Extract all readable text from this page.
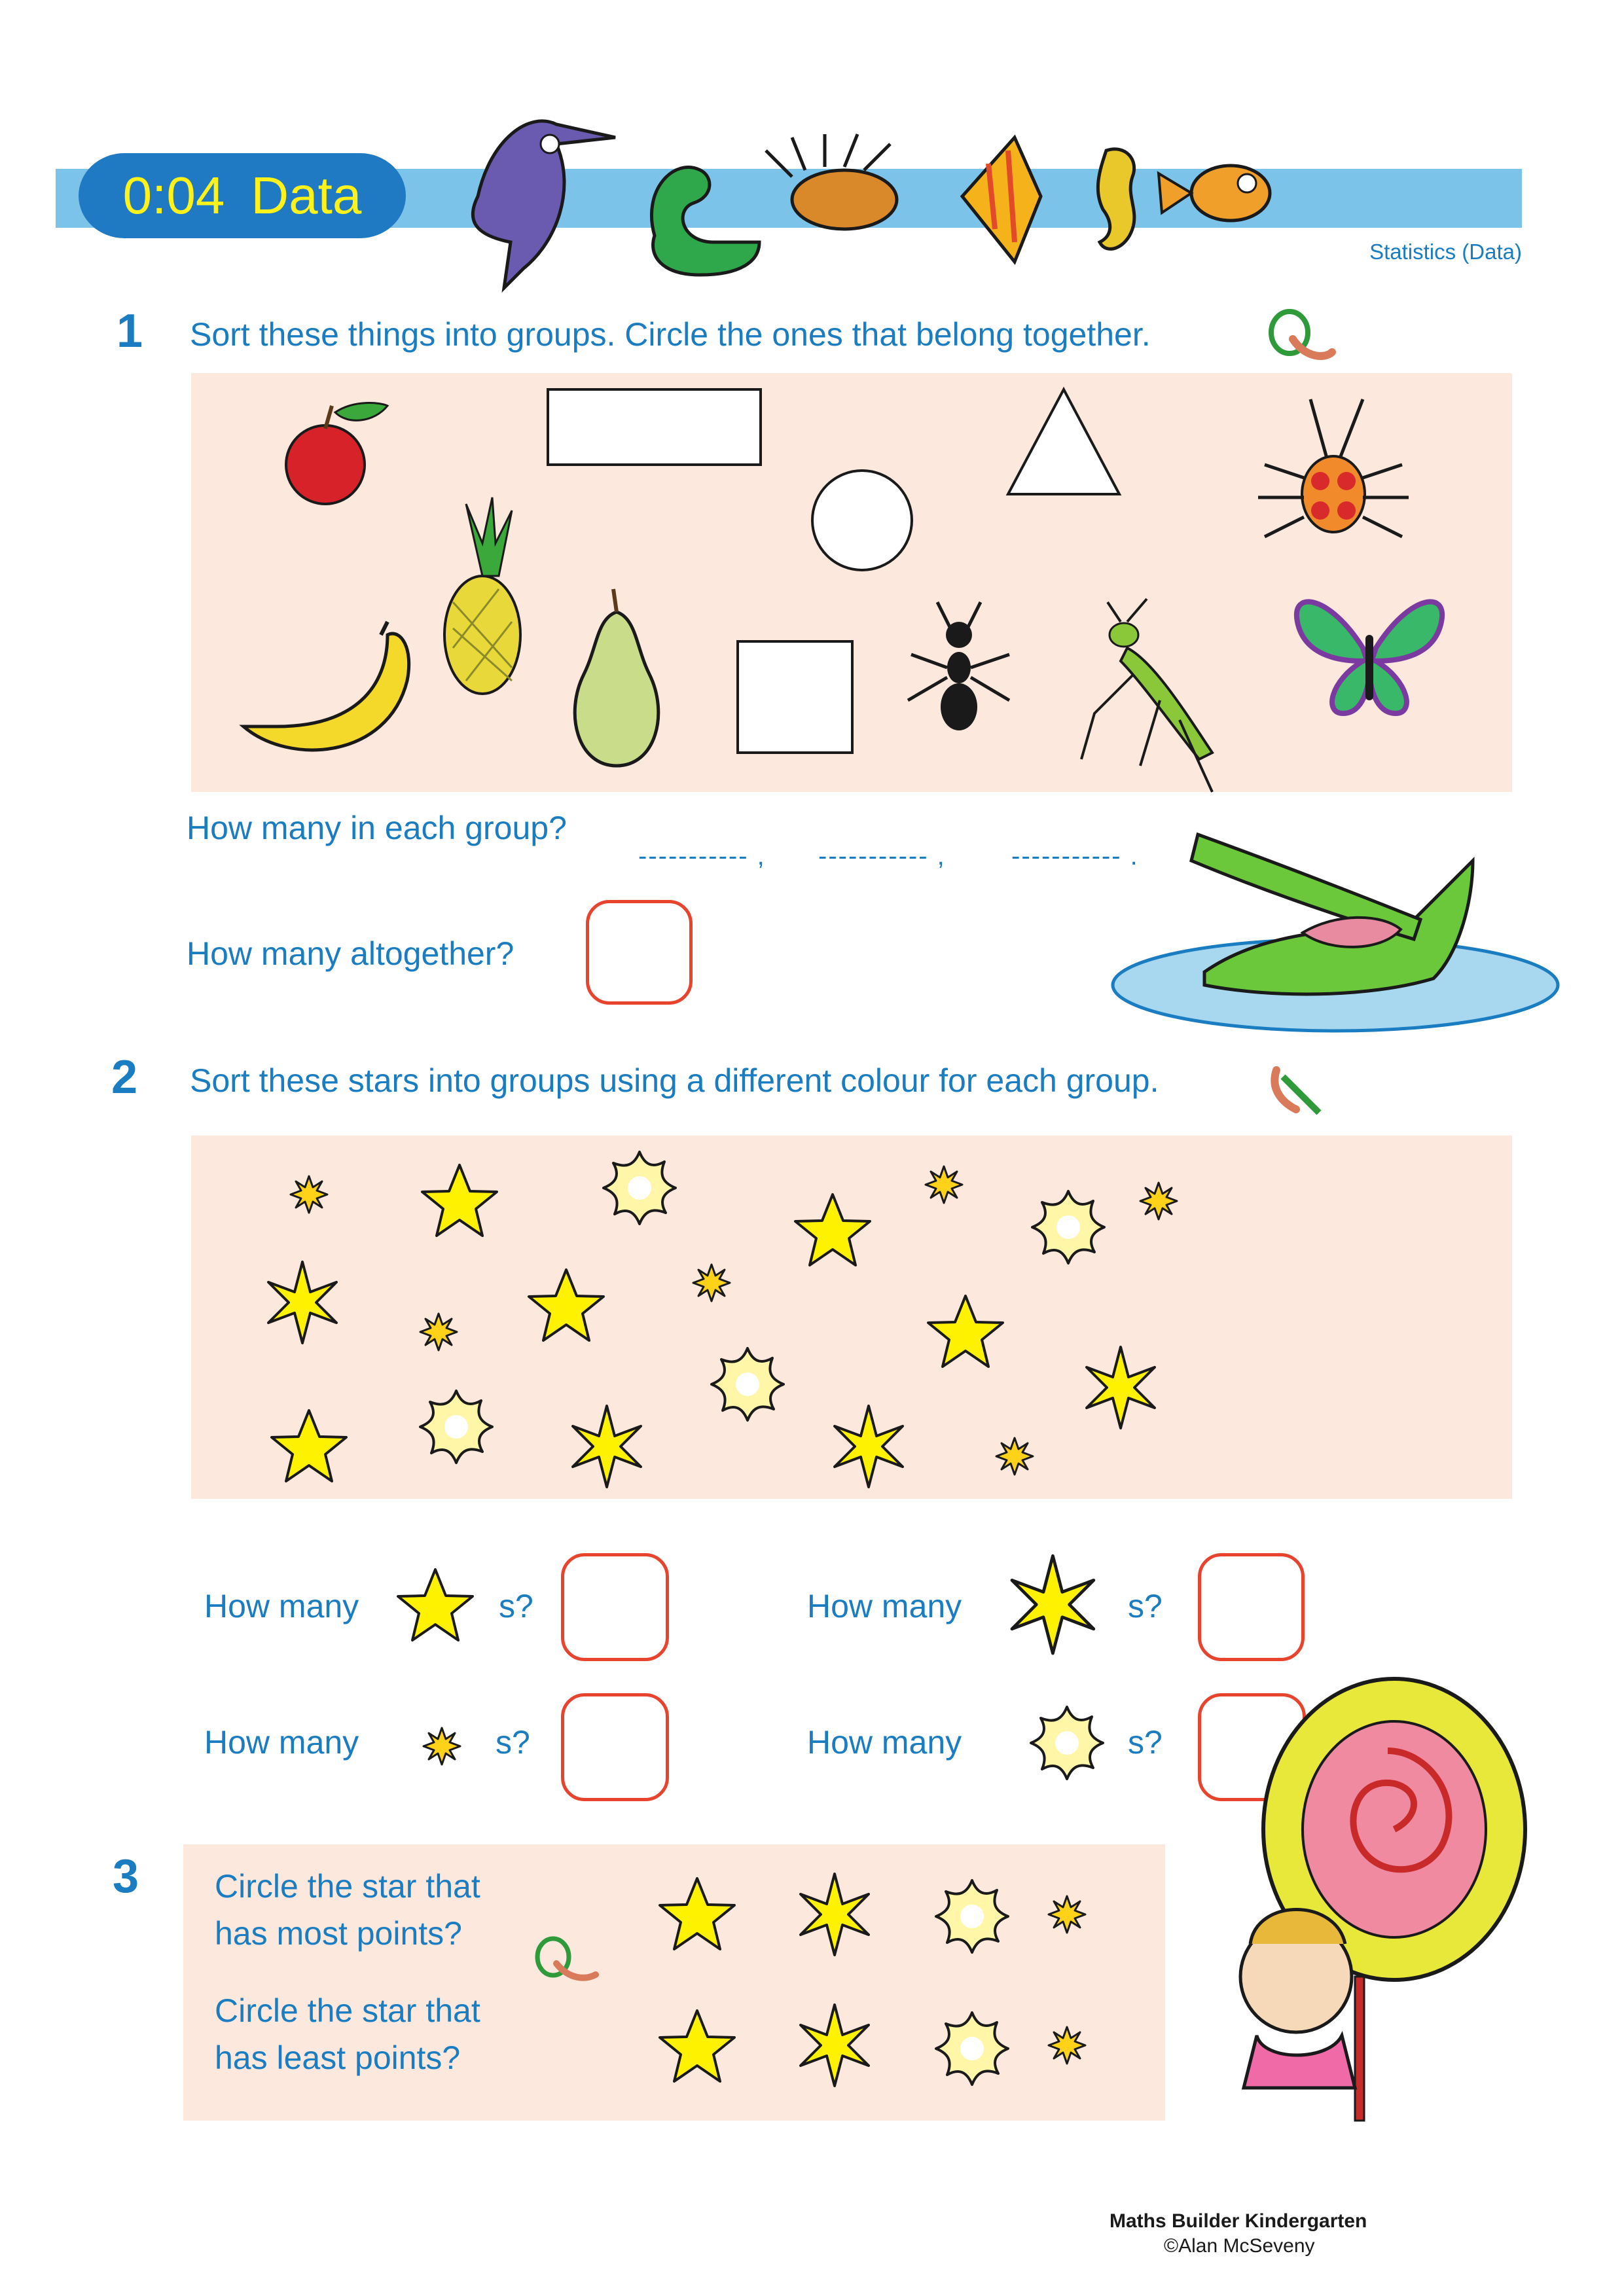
0:04 Data
Statistics (Data)
1 Sort these things into groups. Circle the ones that belong together.
How many in each group?
----------- , ----------- ,	----------- .
How many altogether?
2 Sort these stars into groups using a different colour for each group.
How many	s?	How many	s?
How many	s?	How many	s?
3 Circle the star that
has most points?
Circle the star that
has least points?
Maths Builder Kindergarten
©Alan McSeveny
